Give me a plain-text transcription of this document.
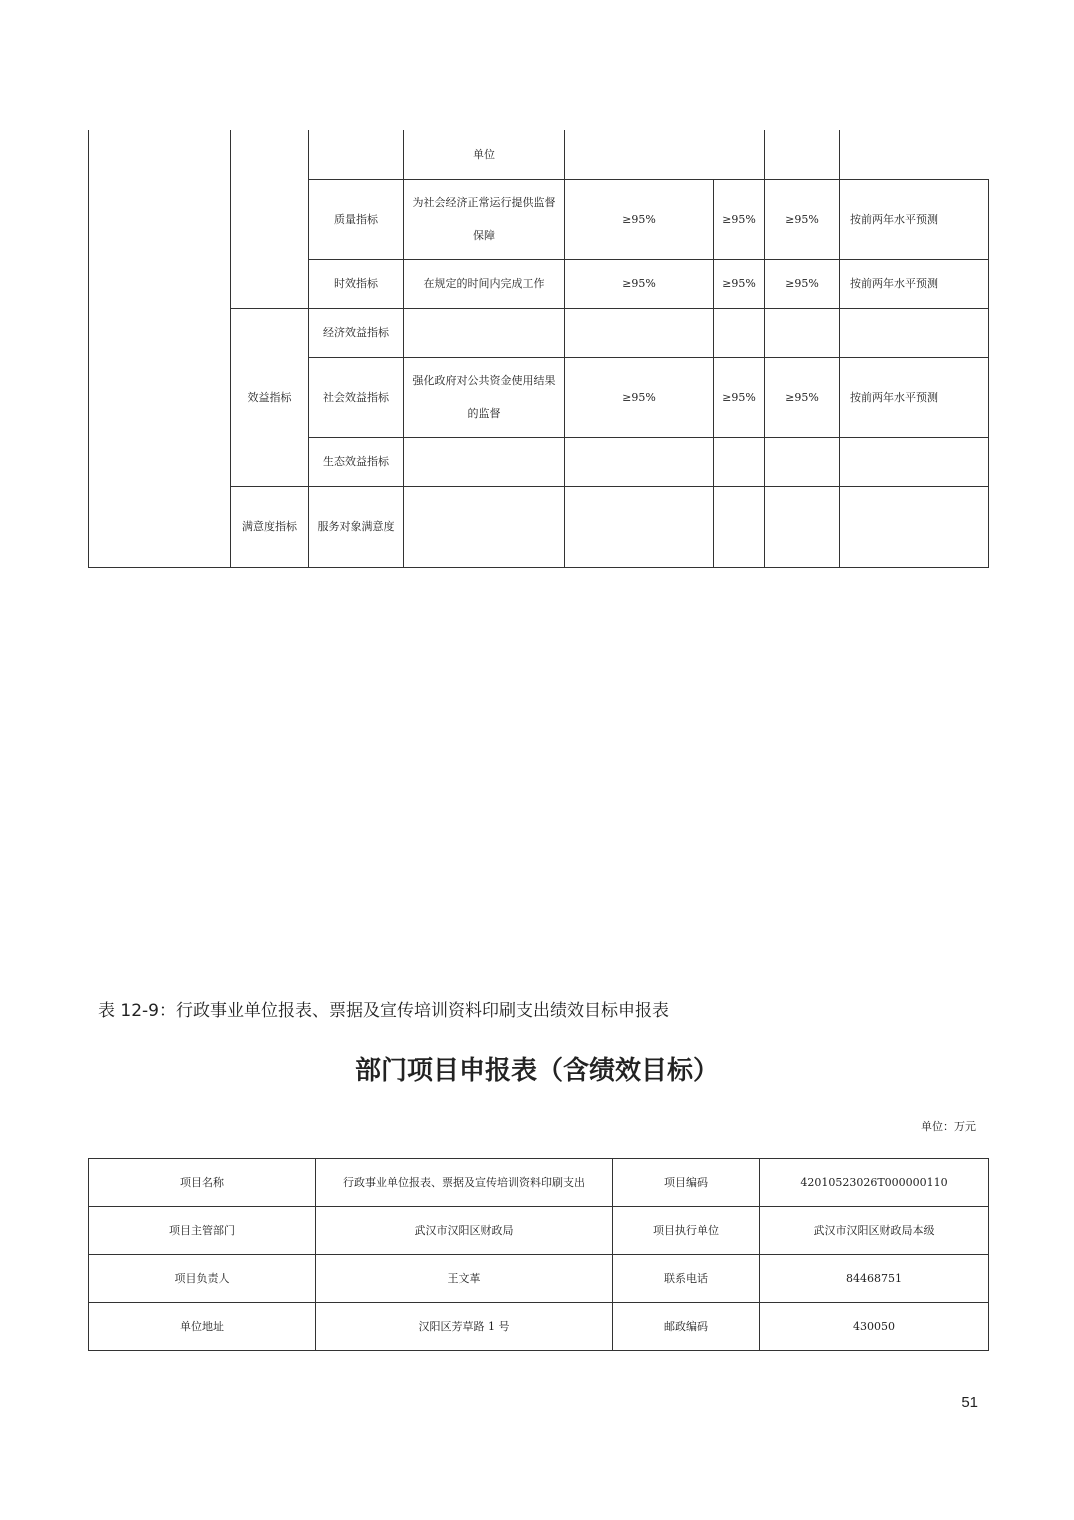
			单位				
		质量指标	为社会经济正常运行提供监督保障	≥95%	≥95%	≥95%	按前两年水平预测
		时效指标	在规定的时间内完成工作	≥95%	≥95%	≥95%	按前两年水平预测
	效益指标	经济效益指标					
		社会效益指标	强化政府对公共资金使用结果的监督	≥95%	≥95%	≥95%	按前两年水平预测
		生态效益指标					
	满意度指标	服务对象满意度					
表 12-9：行政事业单位报表、票据及宣传培训资料印刷支出绩效目标申报表
部门项目申报表（含绩效目标）
单位：万元
项目名称	行政事业单位报表、票据及宣传培训资料印刷支出	项目编码	42010523026T000000110
项目主管部门	武汉市汉阳区财政局	项目执行单位	武汉市汉阳区财政局本级
项目负责人	王文革	联系电话	84468751
单位地址	汉阳区芳草路 1 号	邮政编码	430050
51
